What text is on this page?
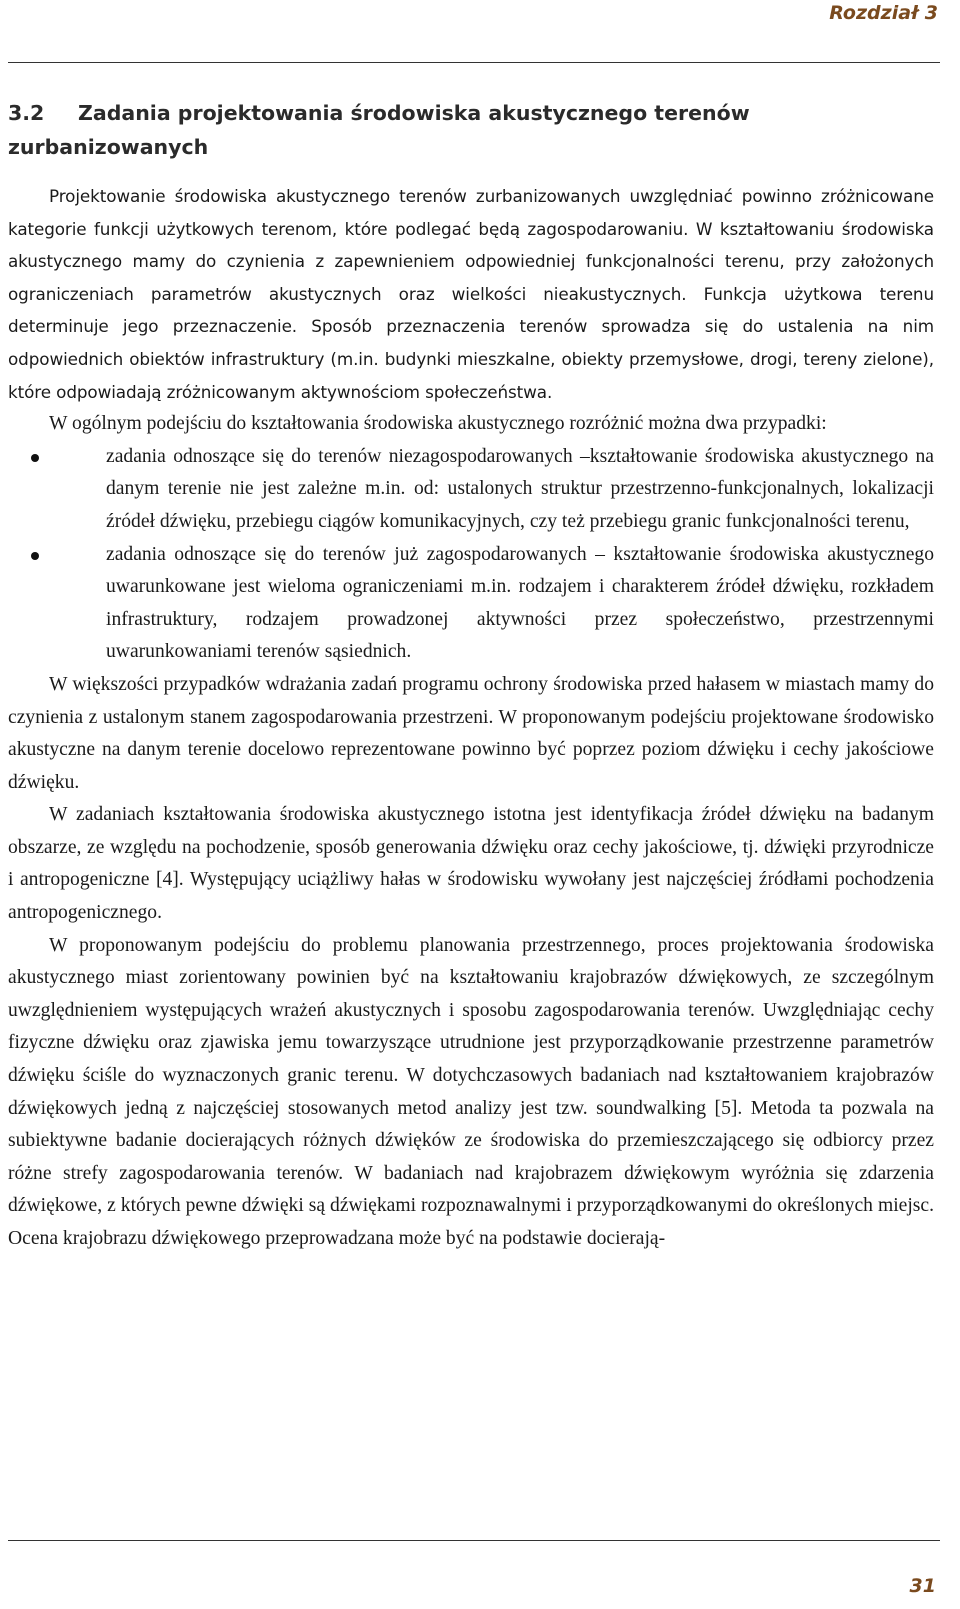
Rozdział 3
3.2 Zadania projektowania środowiska akustycznego terenów zurbanizowanych

Projektowanie środowiska akustycznego terenów zurbanizowanych uwzględniać powinno zróżnicowane kategorie funkcji użytkowych terenom, które podlegać będą zagospodarowaniu. W kształtowaniu środowiska akustycznego mamy do czynienia z zapewnieniem odpowiedniej funkcjonalności terenu, przy założonych ograniczeniach parametrów akustycznych oraz wielkości nieakustycznych. Funkcja użytkowa terenu determinuje jego przeznaczenie. Sposób przeznaczenia terenów sprowadza się do ustalenia na nim odpowiednich obiektów infrastruktury (m.in. budynki mieszkalne, obiekty przemysłowe, drogi, tereny zielone), które odpowiadają zróżnicowanym aktywnościom społeczeństwa.

W ogólnym podejściu do kształtowania środowiska akustycznego rozróżnić można dwa przypadki:

zadania odnoszące się do terenów niezagospodarowanych –kształtowanie środowiska akustycznego na danym terenie nie jest zależne m.in. od: ustalonych struktur przestrzenno-funkcjonalnych, lokalizacji źródeł dźwięku, przebiegu ciągów komunikacyjnych, czy też przebiegu granic funkcjonalności terenu,
zadania odnoszące się do terenów już zagospodarowanych – kształtowanie środowiska akustycznego uwarunkowane jest wieloma ograniczeniami m.in. rodzajem i charakterem źródeł dźwięku, rozkładem infrastruktury, rodzajem prowadzonej aktywności przez społeczeństwo, przestrzennymi uwarunkowaniami terenów sąsiednich.

W większości przypadków wdrażania zadań programu ochrony środowiska przed hałasem w miastach mamy do czynienia z ustalonym stanem zagospodarowania przestrzeni. W proponowanym podejściu projektowane środowisko akustyczne na danym terenie docelowo reprezentowane powinno być poprzez poziom dźwięku i cechy jakościowe dźwięku.

W zadaniach kształtowania środowiska akustycznego istotna jest identyfikacja źródeł dźwięku na badanym obszarze, ze względu na pochodzenie, sposób generowania dźwięku oraz cechy jakościowe, tj. dźwięki przyrodnicze i antropogeniczne [4]. Występujący uciążliwy hałas w środowisku wywołany jest najczęściej źródłami pochodzenia antropogenicznego.

W proponowanym podejściu do problemu planowania przestrzennego, proces projektowania środowiska akustycznego miast zorientowany powinien być na kształtowaniu krajobrazów dźwiękowych, ze szczególnym uwzględnieniem występujących wrażeń akustycznych i sposobu zagospodarowania terenów. Uwzględniając cechy fizyczne dźwięku oraz zjawiska jemu towarzyszące utrudnione jest przyporządkowanie przestrzenne parametrów dźwięku ściśle do wyznaczonych granic terenu. W dotychczasowych badaniach nad kształtowaniem krajobrazów dźwiękowych jedną z najczęściej stosowanych metod analizy jest tzw. soundwalking [5]. Metoda ta pozwala na subiektywne badanie docierających różnych dźwięków ze środowiska do przemieszczającego się odbiorcy przez różne strefy zagospodarowania terenów. W badaniach nad krajobrazem dźwiękowym wyróżnia się zdarzenia dźwiękowe, z których pewne dźwięki są dźwiękami rozpoznawalnymi i przyporządkowanymi do określonych miejsc. Ocena krajobrazu dźwiękowego przeprowadzana może być na podstawie docierają-

31
